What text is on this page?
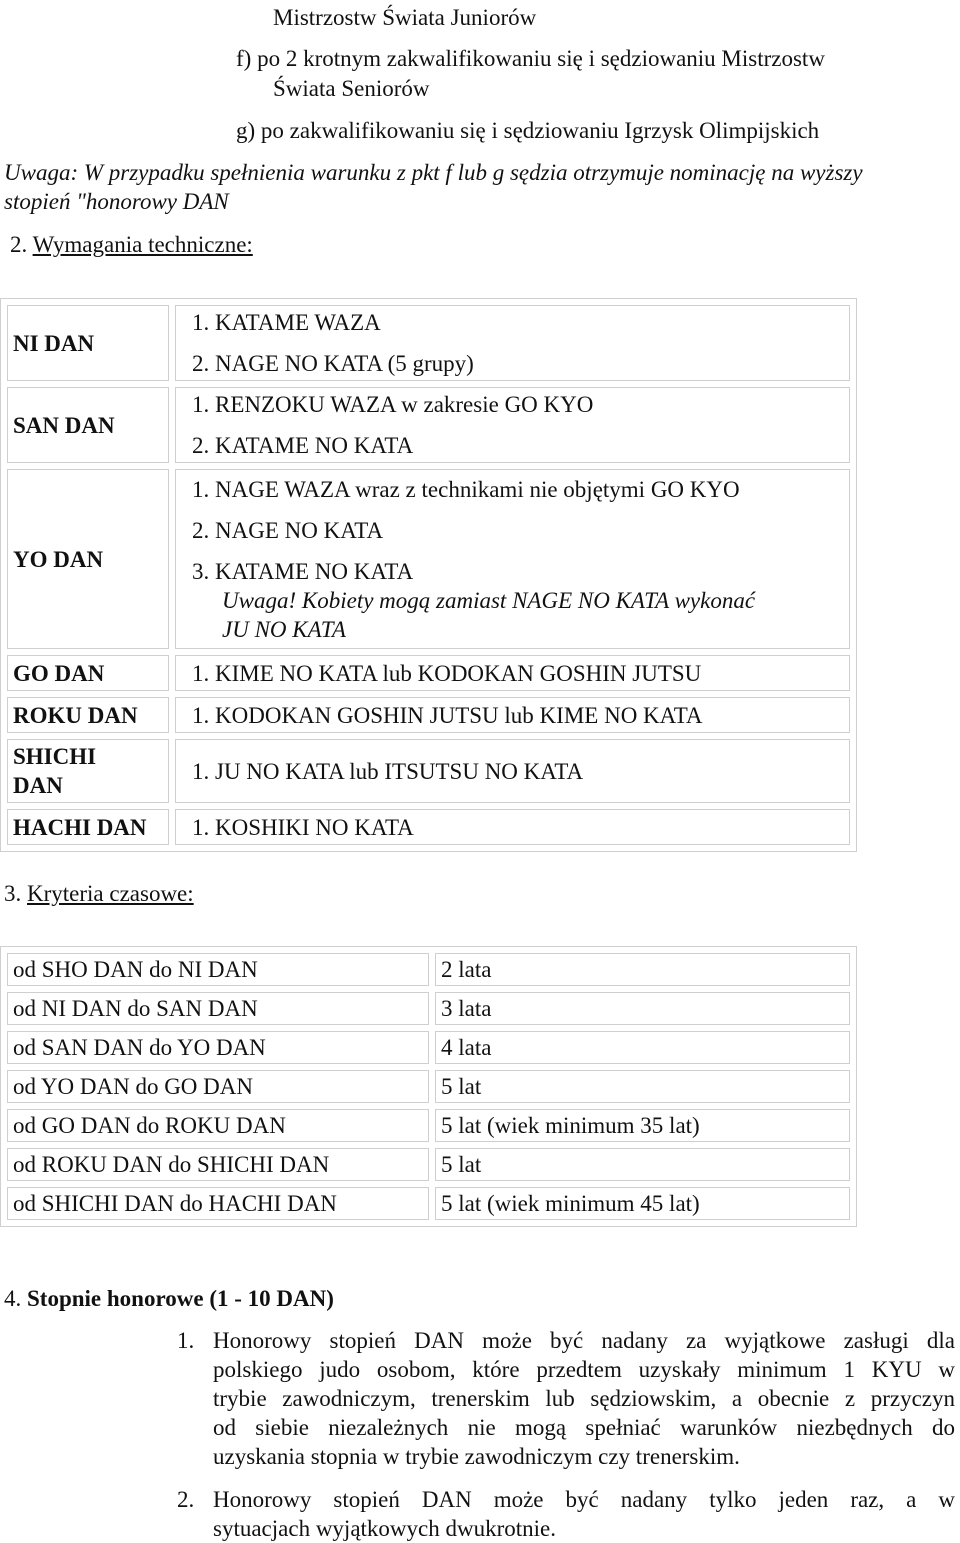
Mistrzostw Świata Juniorów

f) po 2 krotnym zakwalifikowaniu się i sędziowaniu Mistrzostw

Świata Seniorów

g) po zakwalifikowaniu się i sędziowaniu Igrzysk Olimpijskich

Uwaga: W przypadku spełnienia warunku z pkt f lub g sędzia otrzymuje nominację na wyższy

stopień "honorowy DAN

2. Wymagania techniczne:

NI DAN	1. KATAME WAZA
2. NAGE NO KATA (5 grupy)

SAN DAN	1. RENZOKU WAZA w zakresie GO KYO
2. KATAME NO KATA

YO DAN	1. NAGE WAZA wraz z technikami nie objętymi GO KYO
2. NAGE NO KATA
3. KATAME NO KATA
Uwaga! Kobiety mogą zamiast NAGE NO KATA wykonać
JU NO KATA

GO DAN	1. KIME NO KATA lub KODOKAN GOSHIN JUTSU

ROKU DAN	1. KODOKAN GOSHIN JUTSU lub KIME NO KATA

SHICHI
DAN	1. JU NO KATA lub ITSUTSU NO KATA

HACHI DAN	1. KOSHIKI NO KATA

3. Kryteria czasowe:

od SHO DAN do NI DAN	2 lata
od NI DAN do SAN DAN	3 lata
od SAN DAN do YO DAN	4 lata
od YO DAN do GO DAN	5 lat
od GO DAN do ROKU DAN	5 lat (wiek minimum 35 lat)
od ROKU DAN do SHICHI DAN	5 lat
od SHICHI DAN do HACHI DAN	5 lat (wiek minimum 45 lat)

4. Stopnie honorowe (1 - 10 DAN)

1. Honorowy stopień DAN może być nadany za wyjątkowe zasługi dla

polskiego judo osobom, które przedtem uzyskały minimum 1 KYU w

trybie zawodniczym, trenerskim lub sędziowskim, a obecnie z przyczyn

od siebie niezależnych nie mogą spełniać warunków niezbędnych do

uzyskania stopnia w trybie zawodniczym czy trenerskim.

2. Honorowy stopień DAN może być nadany tylko jeden raz, a w

sytuacjach wyjątkowych dwukrotnie.
